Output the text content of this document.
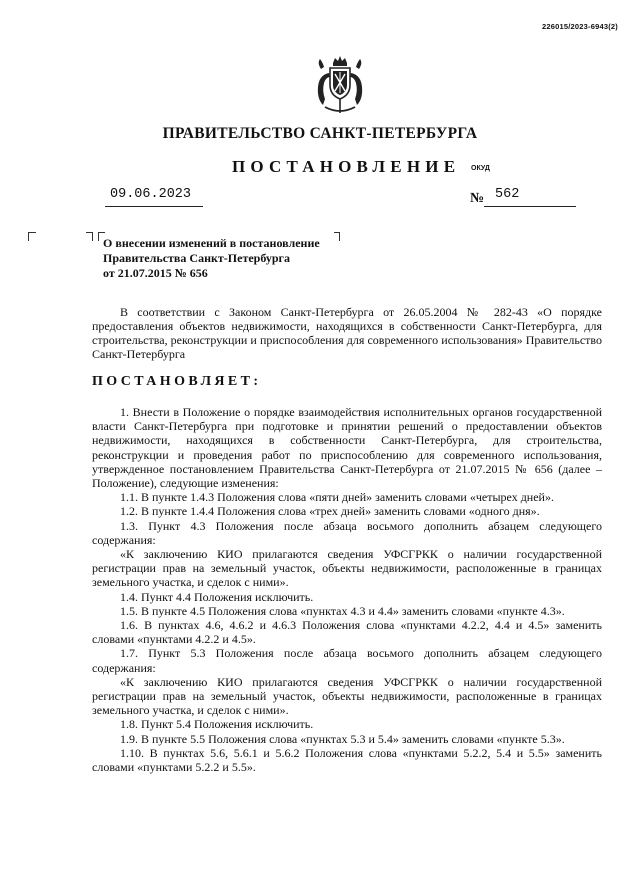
226015/2023-6943(2)
ПРАВИТЕЛЬСТВО САНКТ-ПЕТЕРБУРГА
ПОСТАНОВЛЕНИЕ ОКУД
09.06.2023	№ 562
О внесении изменений в постановление
Правительства Санкт-Петербурга
от 21.07.2015 № 656

В соответствии с Законом Санкт-Петербурга от 26.05.2004 № 282-43 «О порядке предоставления объектов недвижимости, находящихся в собственности Санкт-Петербурга, для строительства, реконструкции и приспособления для современного использования» Правительство Санкт-Петербурга

ПОСТАНОВЛЯЕТ:

1. Внести в Положение о порядке взаимодействия исполнительных органов государственной власти Санкт-Петербурга при подготовке и принятии решений о предоставлении объектов недвижимости, находящихся в собственности Санкт-Петербурга, для строительства, реконструкции и проведения работ по приспособлению для современного использования, утвержденное постановлением Правительства Санкт-Петербурга от 21.07.2015 № 656 (далее – Положение), следующие изменения:

1.1. В пункте 1.4.3 Положения слова «пяти дней» заменить словами «четырех дней».

1.2. В пункте 1.4.4 Положения слова «трех дней» заменить словами «одного дня».

1.3. Пункт 4.3 Положения после абзаца восьмого дополнить абзацем следующего содержания:

«К заключению КИО прилагаются сведения УФСГРКК о наличии государственной регистрации прав на земельный участок, объекты недвижимости, расположенные в границах земельного участка, и сделок с ними».

1.4. Пункт 4.4 Положения исключить.

1.5. В пункте 4.5 Положения слова «пунктах 4.3 и 4.4» заменить словами «пункте 4.3».

1.6. В пунктах 4.6, 4.6.2 и 4.6.3 Положения слова «пунктами 4.2.2, 4.4 и 4.5» заменить словами «пунктами 4.2.2 и 4.5».

1.7. Пункт 5.3 Положения после абзаца восьмого дополнить абзацем следующего содержания:

«К заключению КИО прилагаются сведения УФСГРКК о наличии государственной регистрации прав на земельный участок, объекты недвижимости, расположенные в границах земельного участка, и сделок с ними».

1.8. Пункт 5.4 Положения исключить.

1.9. В пункте 5.5 Положения слова «пунктах 5.3 и 5.4» заменить словами «пункте 5.3».

1.10. В пунктах 5.6, 5.6.1 и 5.6.2 Положения слова «пунктами 5.2.2, 5.4 и 5.5» заменить словами «пунктами 5.2.2 и 5.5».
